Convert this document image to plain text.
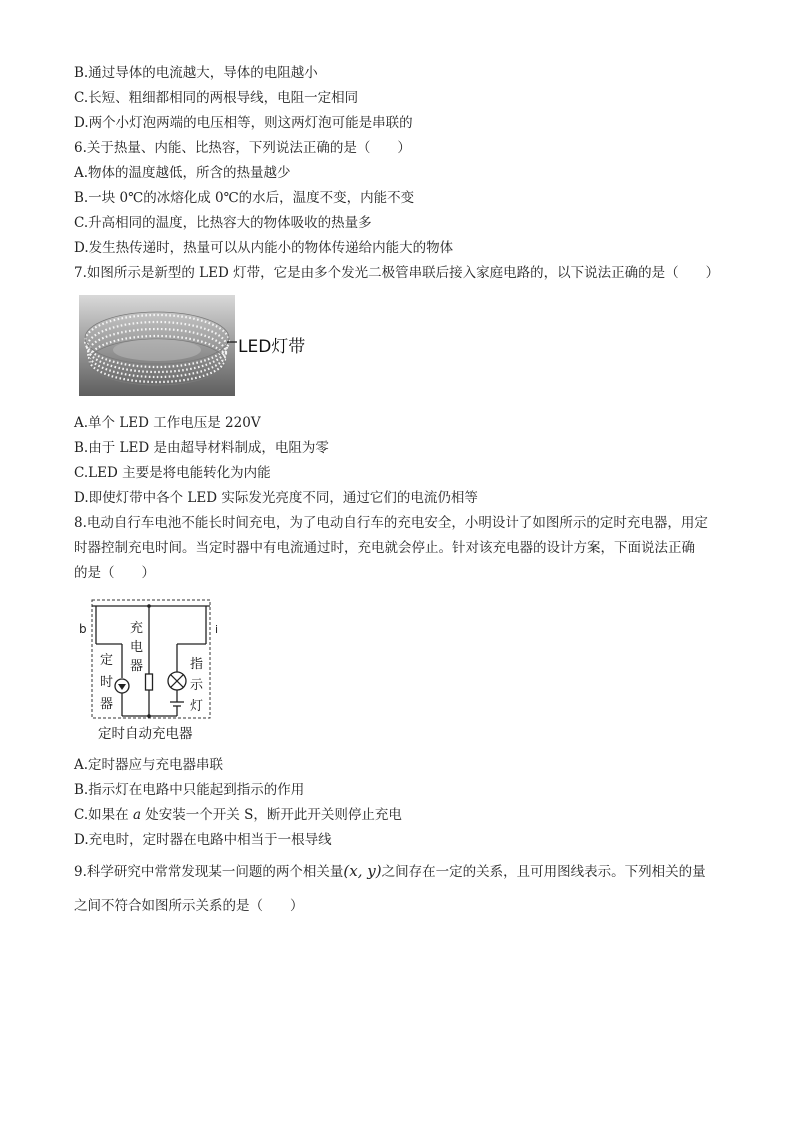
B.通过导体的电流越大，导体的电阻越小
C.长短、粗细都相同的两根导线，电阻一定相同
D.两个小灯泡两端的电压相等，则这两灯泡可能是串联的
6.关于热量、内能、比热容，下列说法正确的是（　　）
A.物体的温度越低，所含的热量越少
B.一块 0℃的冰熔化成 0℃的水后，温度不变，内能不变
C.升高相同的温度，比热容大的物体吸收的热量多
D.发生热传递时，热量可以从内能小的物体传递给内能大的物体
7.如图所示是新型的 LED 灯带，它是由多个发光二极管串联后接入家庭电路的，以下说法正确的是（　　）
LED灯带
A.单个 LED 工作电压是 220V
B.由于 LED 是由超导材料制成，电阻为零
C.LED 主要是将电能转化为内能
D.即使灯带中各个 LED 实际发光亮度不同，通过它们的电流仍相等
8.电动自行车电池不能长时间充电，为了电动自行车的充电安全，小明设计了如图所示的定时充电器，用定
时器控制充电时间。当定时器中有电流通过时，充电就会停止。针对该充电器的设计方案，下面说法正确
的是（　　）
b	i
定
时
器
充
电
器	指
示
灯
定时自动充电器
A.定时器应与充电器串联
B.指示灯在电路中只能起到指示的作用
C.如果在 a 处安装一个开关 S，断开此开关则停止充电
D.充电时，定时器在电路中相当于一根导线
9.科学研究中常常发现某一问题的两个相关量(x, y)之间存在一定的关系，且可用图线表示。下列相关的量
之间不符合如图所示关系的是（　　）
